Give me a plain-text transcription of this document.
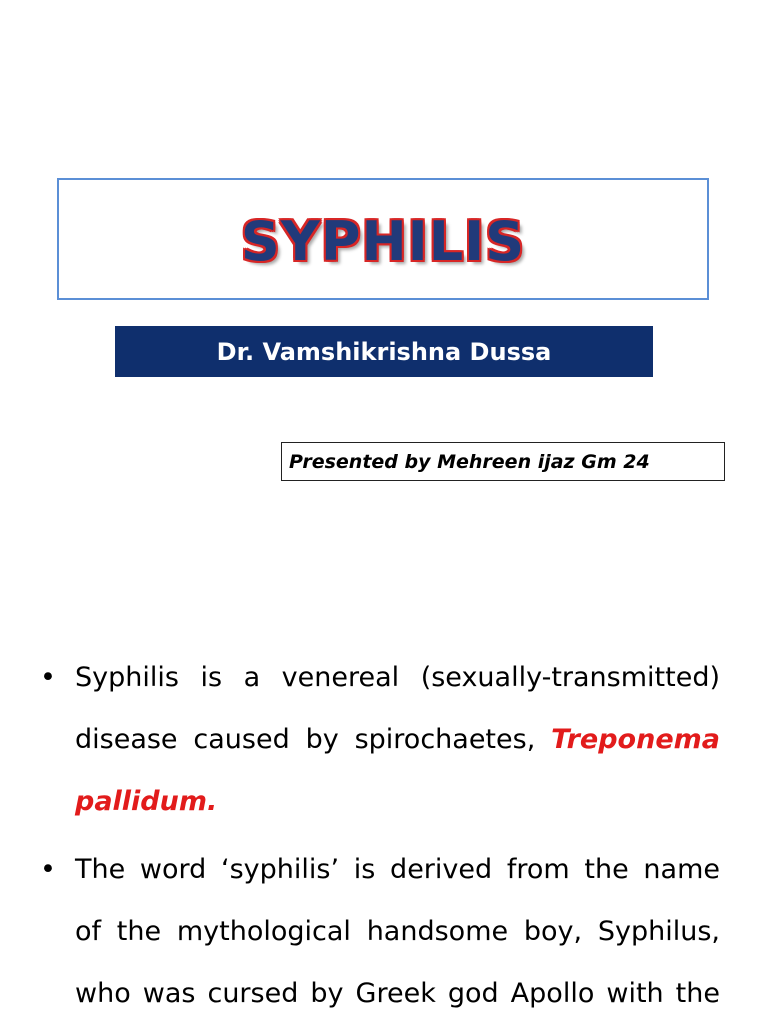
SYPHILIS
Dr. Vamshikrishna Dussa
Presented by Mehreen ijaz Gm 24
• Syphilis is a venereal (sexually-transmitted)
disease caused by spirochaetes, Treponema
pallidum.
• The word ‘syphilis’ is derived from the name
of the mythological handsome boy, Syphilus,
who was cursed by Greek god Apollo with the
